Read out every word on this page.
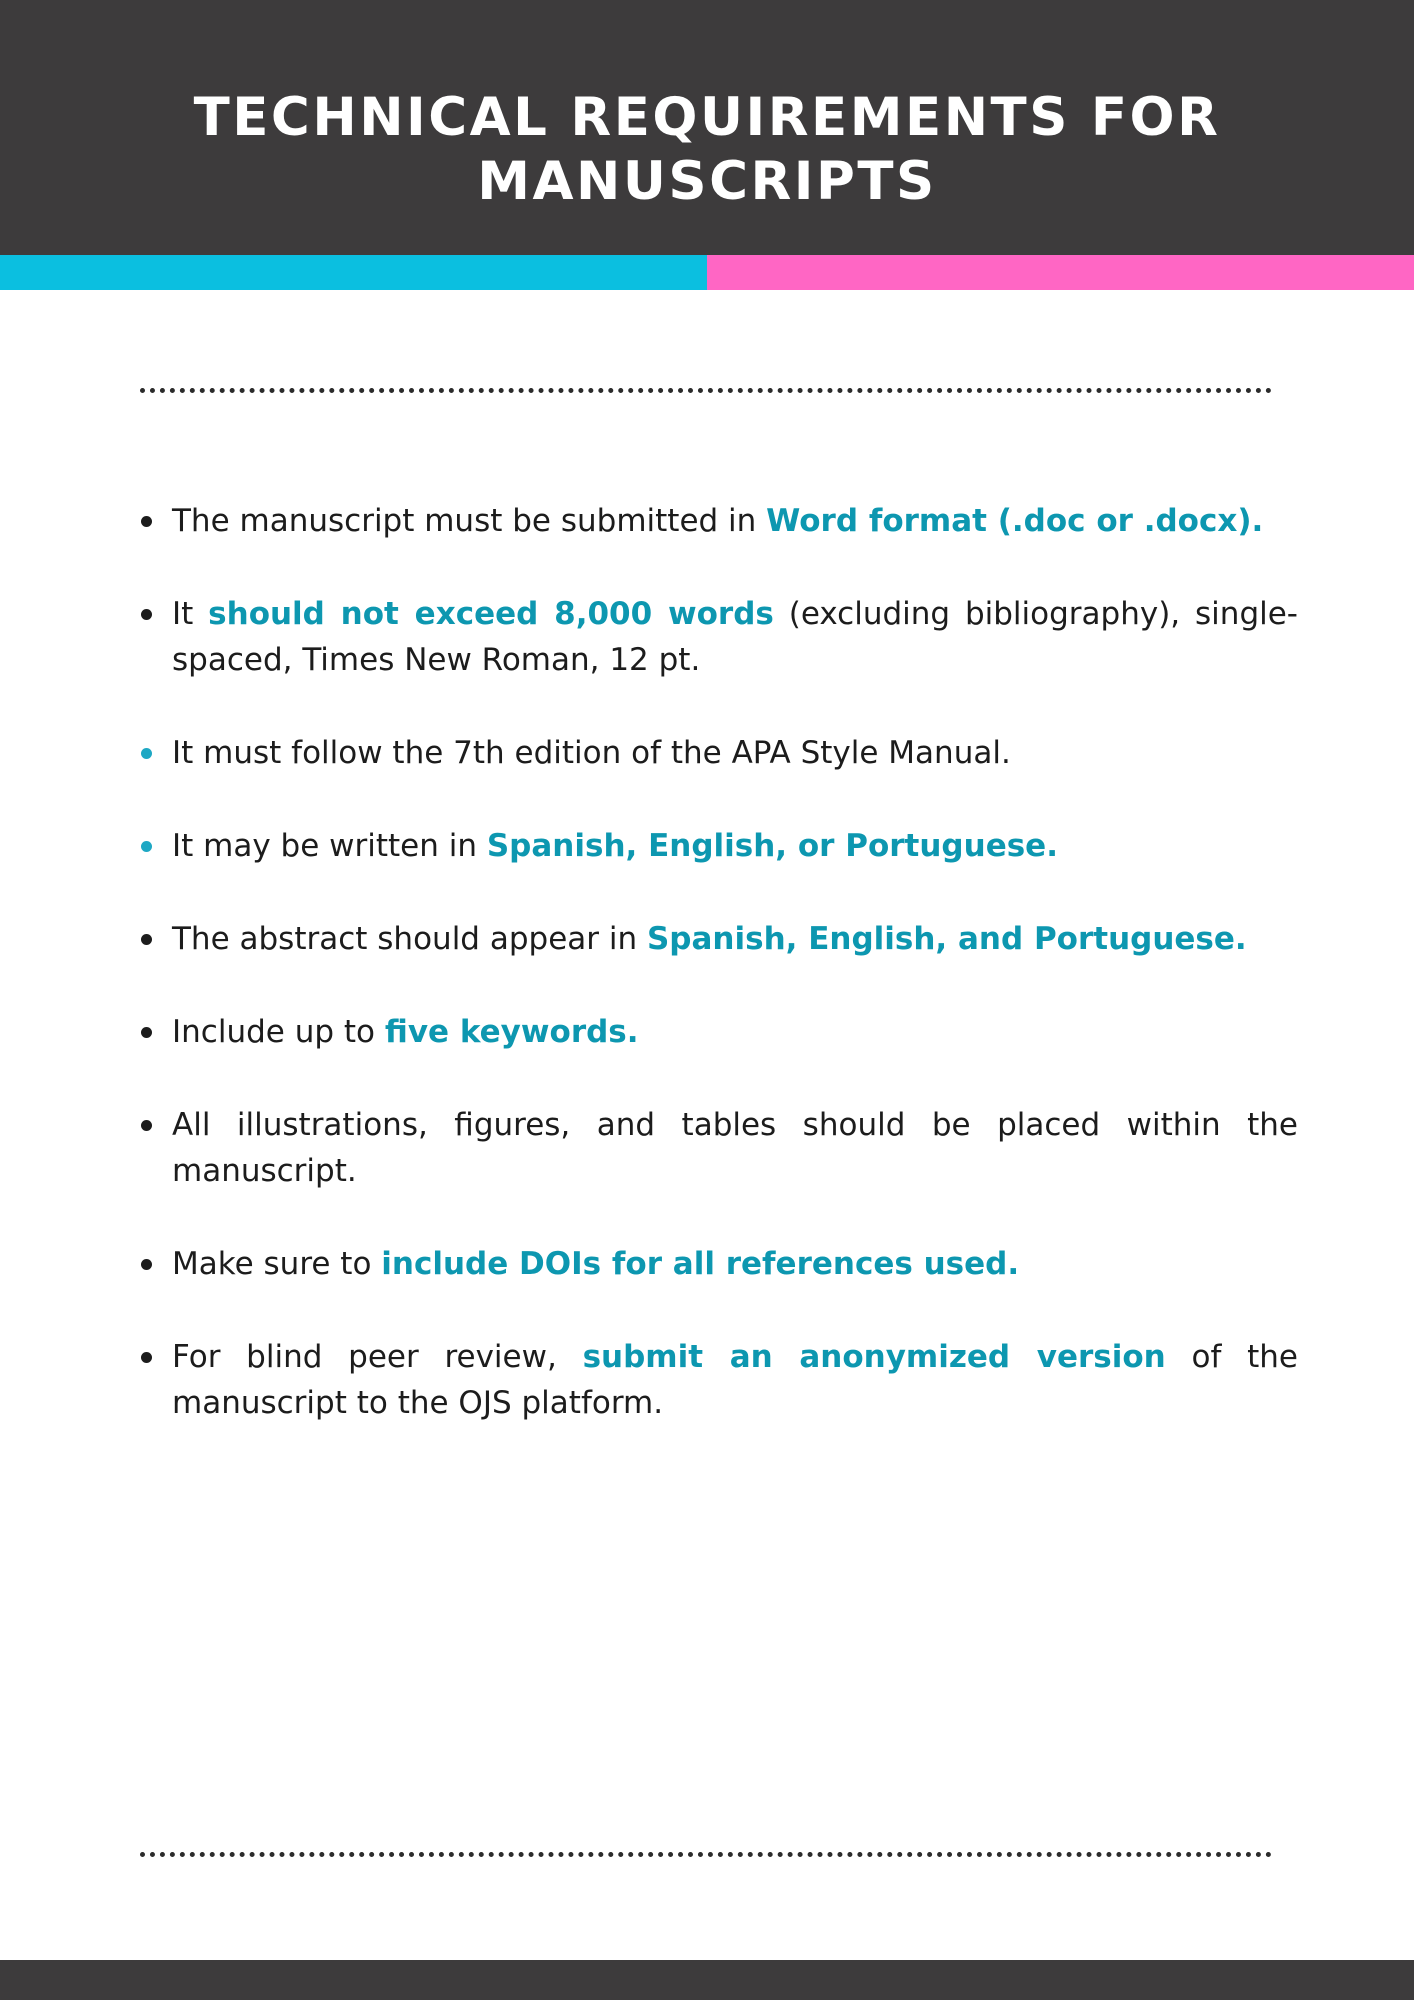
TECHNICAL REQUIREMENTS FOR MANUSCRIPTS
The manuscript must be submitted in Word format (.doc or .docx).
It should not exceed 8,000 words (excluding bibliography), single-spaced, Times New Roman, 12 pt.
It must follow the 7th edition of the APA Style Manual.
It may be written in Spanish, English, or Portuguese.
The abstract should appear in Spanish, English, and Portuguese.
Include up to five keywords.
All illustrations, figures, and tables should be placed within the manuscript.
Make sure to include DOIs for all references used.
For blind peer review, submit an anonymized version of the manuscript to the OJS platform.
